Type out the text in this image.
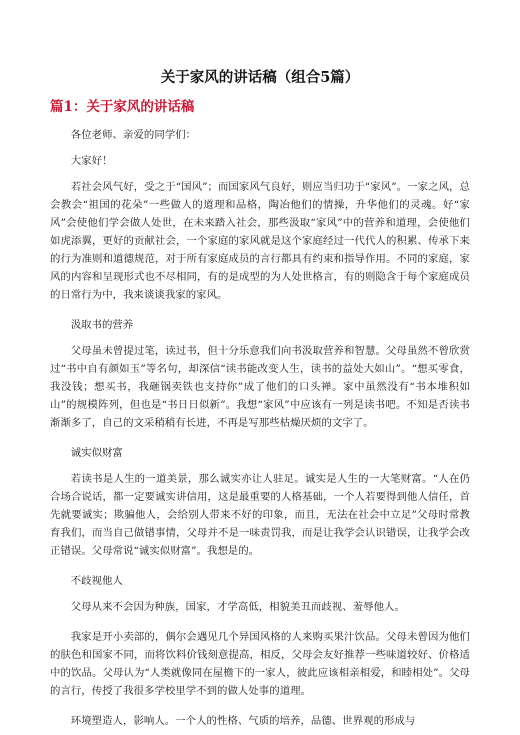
关于家风的讲话稿（组合5篇）
篇1：关于家风的讲话稿

各位老师、亲爱的同学们：

大家好！

若社会风气好，受之于“国风”；而国家风气良好，则应当归功于“家风”。一家之风，总会教会“祖国的花朵”一些做人的道理和品格，陶冶他们的情操，升华他们的灵魂。好“家风”会使他们学会做人处世，在未来踏入社会，那些汲取“家风”中的营养和道理，会使他们如虎添翼，更好的贡献社会，一个家庭的家风就是这个家庭经过一代代人的积累、传承下来的行为准则和道德规范，对于所有家庭成员的言行都具有约束和指导作用。不同的家庭，家风的内容和呈现形式也不尽相同，有的是成型的为人处世格言，有的则隐含于每个家庭成员的日常行为中，我来谈谈我家的家风。

汲取书的营养

父母虽未曾提过笔，读过书，但十分乐意我们向书汲取营养和智慧。父母虽然不曾欣赏过“书中自有颜如玉”等名句，却深信“读书能改变人生，读书的益处大如山”。“想买零食，我没钱；想买书，我砸锅卖铁也支持你”成了他们的口头禅。家中虽然没有“书本堆积如山”的规模阵列，但也是“书日日似新”。我想“家风”中应该有一列是读书吧。不知是否读书渐渐多了，自己的文采稍稍有长进，不再是写那些枯燥厌烦的文字了。

诚实似财富

若读书是人生的一道美景，那么诚实亦让人驻足。诚实是人生的一大笔财富。“人在仍合场合说话，都一定要诚实讲信用，这是最重要的人格基础，一个人若要得到他人信任，首先就要诚实；欺骗他人，会给别人带来不好的印象，而且，无法在社会中立足”父母时常教育我们，而当自己做错事情，父母并不是一味责罚我，而是让我学会认识错误，让我学会改正错误。父母常说“诚实似财富”。我想是的。

不歧视他人

父母从来不会因为种族，国家，才学高低，相貌美丑而歧视、羞辱他人。

我家是开小卖部的，偶尔会遇见几个异国风格的人来购买果汁饮品。父母未曾因为他们的肤色和国家不同，而将饮料价钱刻意提高，相反，父母会友好推荐一些味道较好、价格适中的饮品。父母认为“人类就像同在屋檐下的一家人，彼此应该相亲相爱，和睦相处”。父母的言行，传授了我很多学校里学不到的做人处事的道理。

环境塑造人，影响人。一个人的性格、气质的培养，品德、世界观的形成与
